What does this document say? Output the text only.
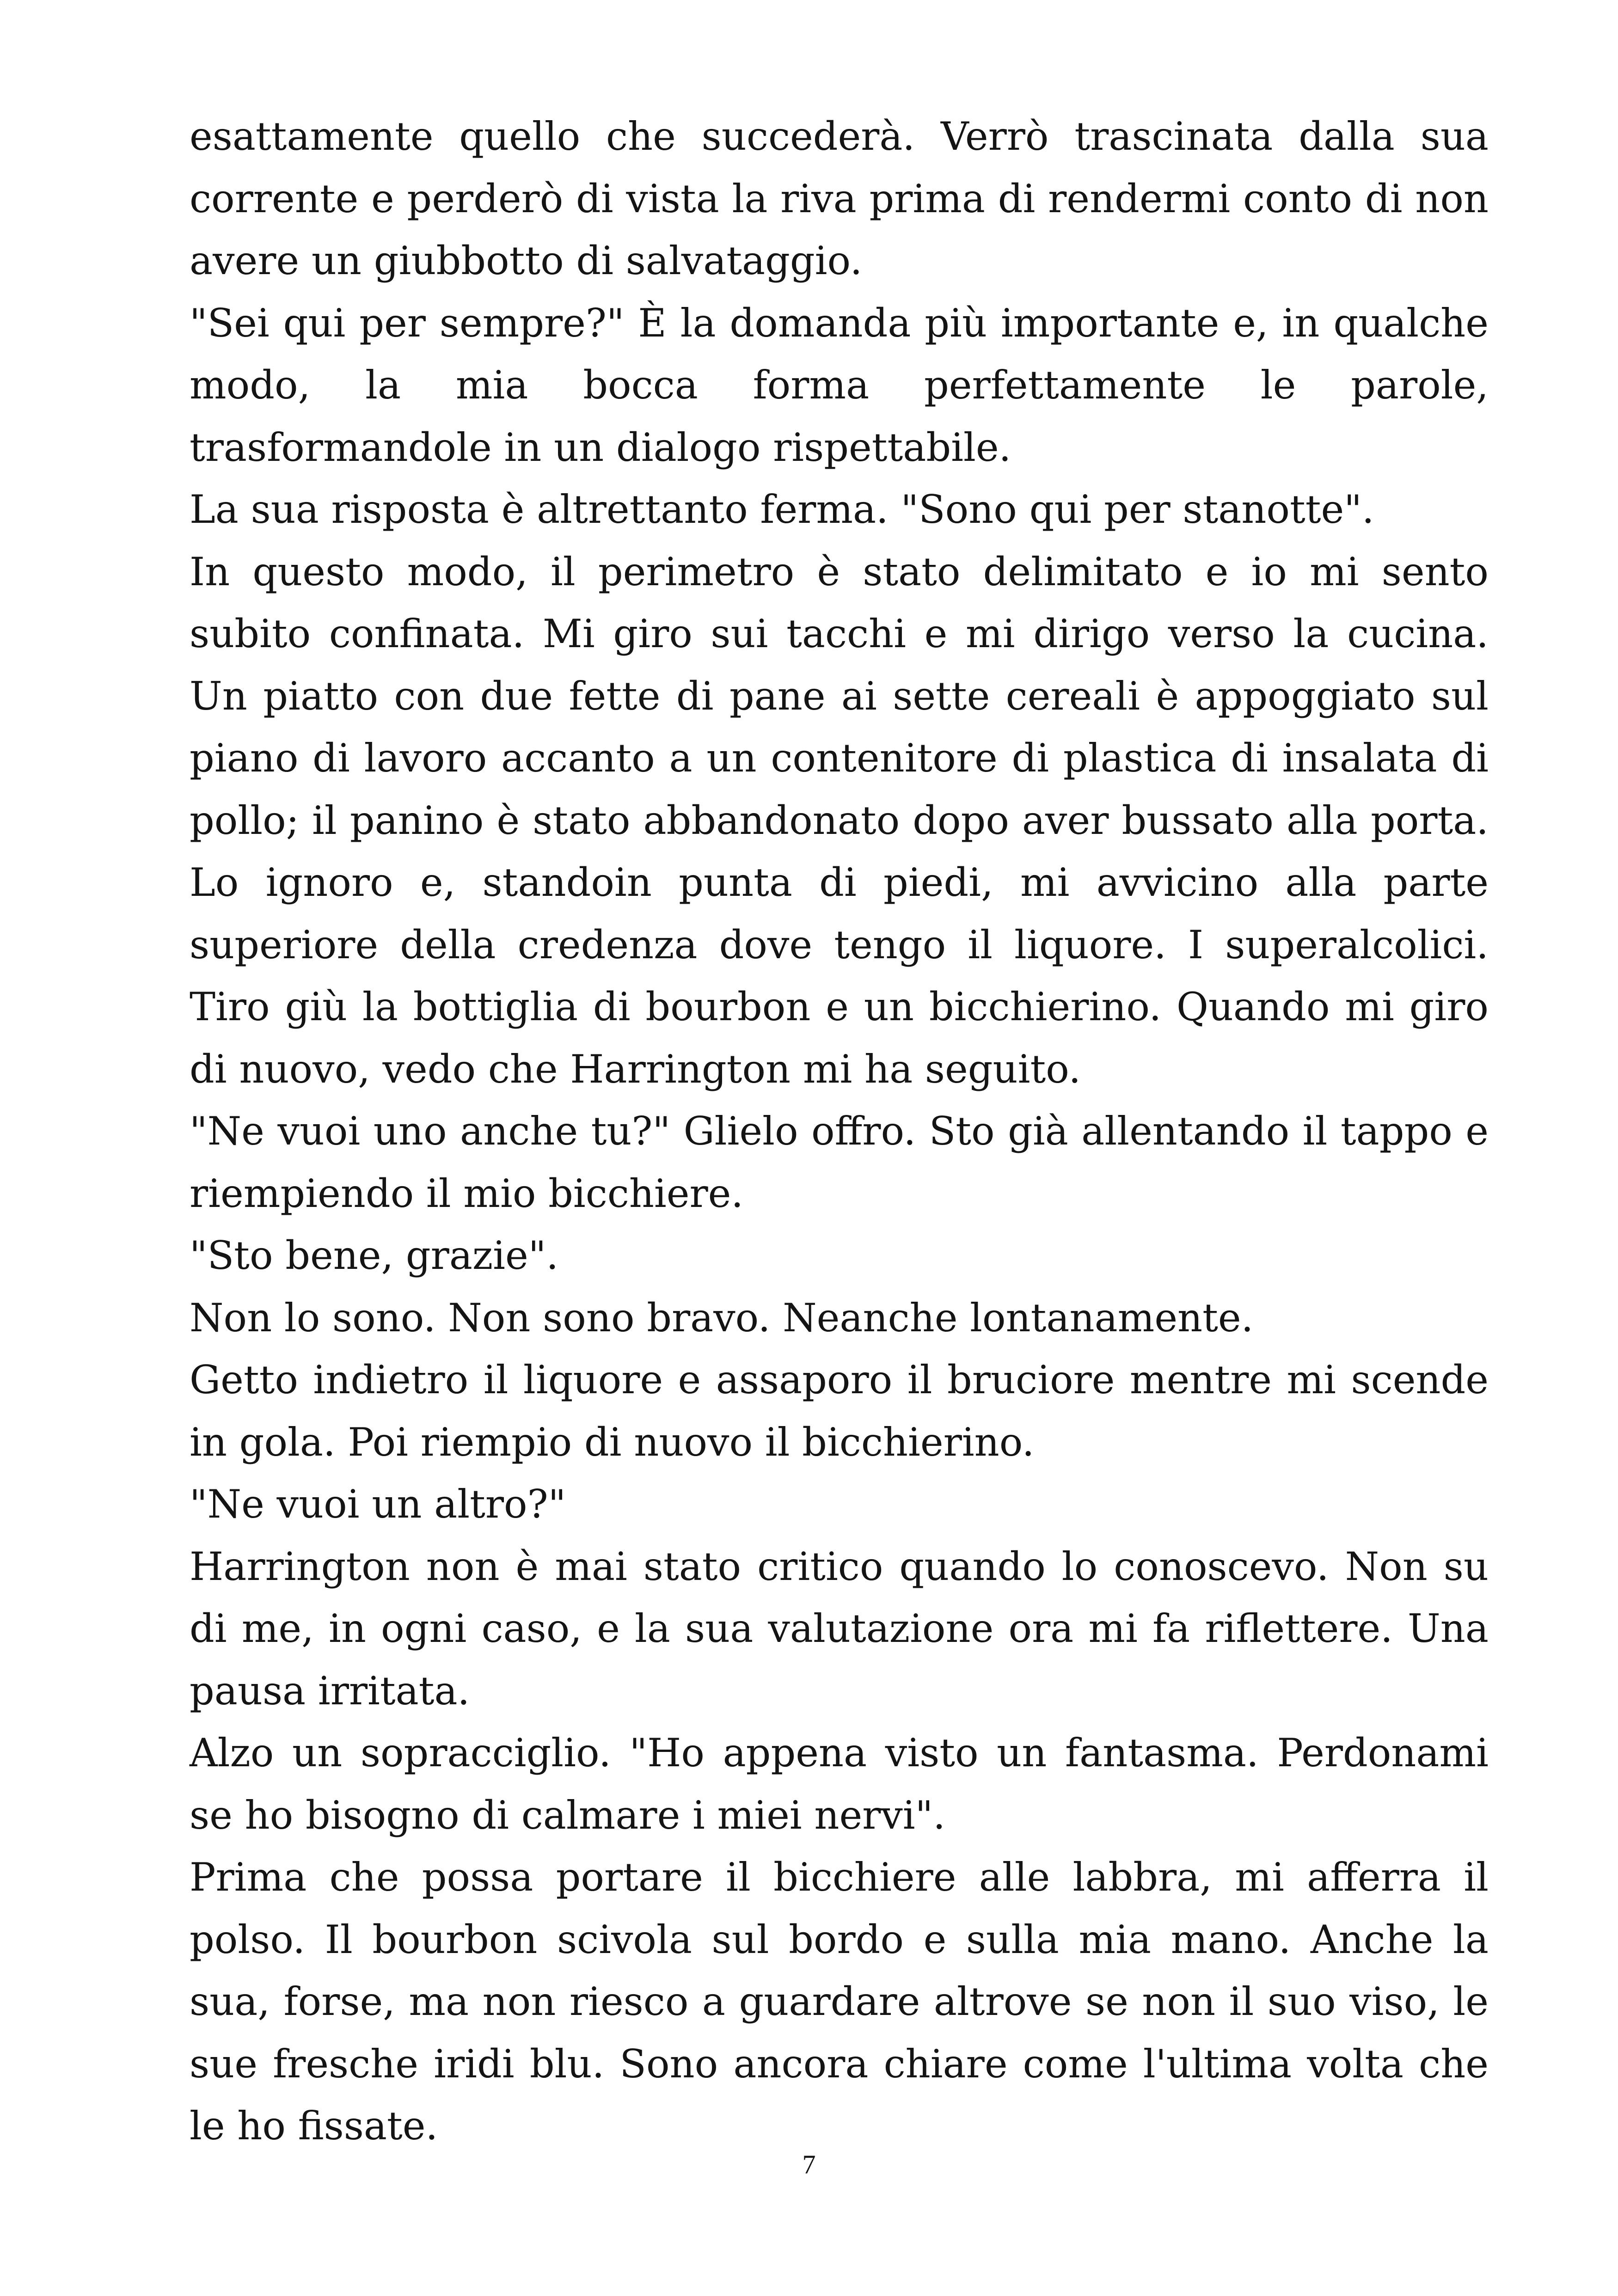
esattamente quello che succederà. Verrò trascinata dalla sua corrente e perderò di vista la riva prima di rendermi conto di non avere un giubbotto di salvataggio.

"Sei qui per sempre?" È la domanda più importante e, in qualche modo, la mia bocca forma perfettamente le parole, trasformandole in un dialogo rispettabile.

La sua risposta è altrettanto ferma. "Sono qui per stanotte".

In questo modo, il perimetro è stato delimitato e io mi sento subito confinata. Mi giro sui tacchi e mi dirigo verso la cucina. Un piatto con due fette di pane ai sette cereali è appoggiato sul piano di lavoro accanto a un contenitore di plastica di insalata di pollo; il panino è stato abbandonato dopo aver bussato alla porta. Lo ignoro e, standoin punta di piedi, mi avvicino alla parte superiore della credenza dove tengo il liquore. I superalcolici. Tiro giù la bottiglia di bourbon e un bicchierino. Quando mi giro di nuovo, vedo che Harrington mi ha seguito.

"Ne vuoi uno anche tu?" Glielo offro. Sto già allentando il tappo e riempiendo il mio bicchiere.

"Sto bene, grazie".

Non lo sono. Non sono bravo. Neanche lontanamente.

Getto indietro il liquore e assaporo il bruciore mentre mi scende in gola. Poi riempio di nuovo il bicchierino.

"Ne vuoi un altro?"

Harrington non è mai stato critico quando lo conoscevo. Non su di me, in ogni caso, e la sua valutazione ora mi fa riflettere. Una pausa irritata.

Alzo un sopracciglio. "Ho appena visto un fantasma. Perdonami se ho bisogno di calmare i miei nervi".

Prima che possa portare il bicchiere alle labbra, mi afferra il polso. Il bourbon scivola sul bordo e sulla mia mano. Anche la sua, forse, ma non riesco a guardare altrove se non il suo viso, le sue fresche iridi blu. Sono ancora chiare come l'ultima volta che le ho fissate.

7
